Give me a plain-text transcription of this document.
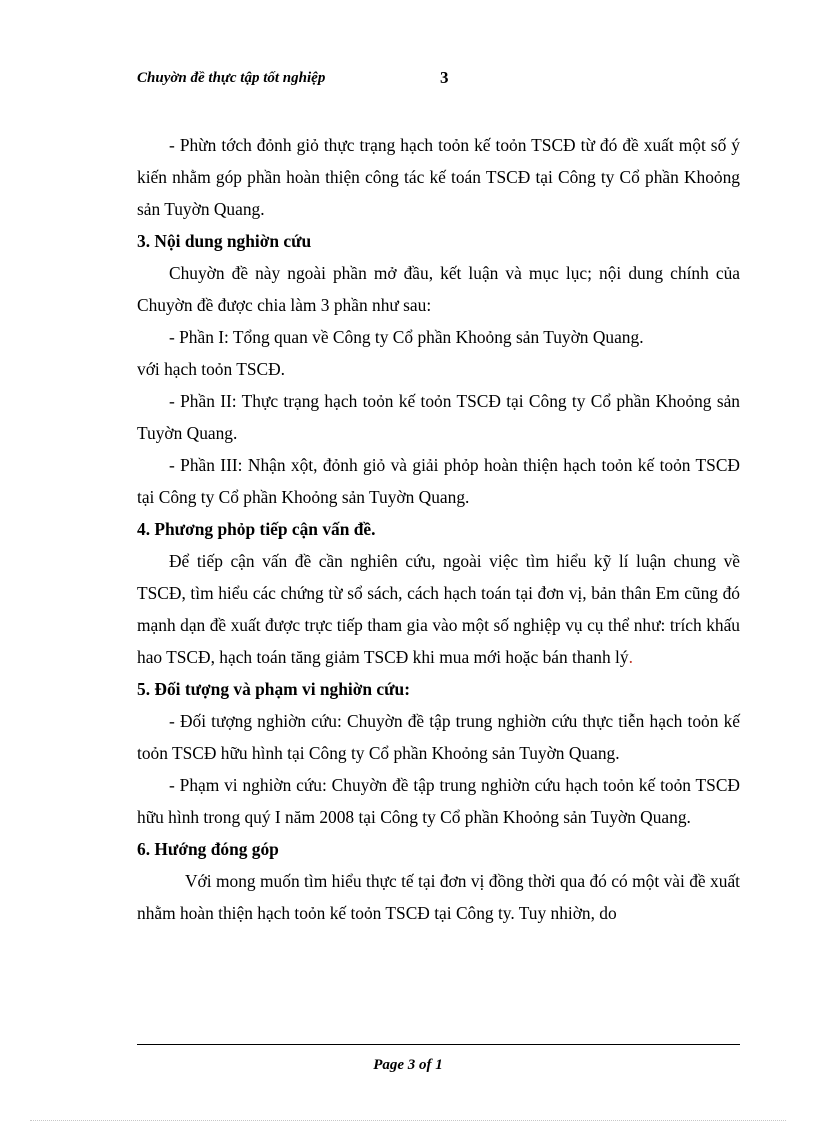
Chuyờn đề thực tập tốt nghiệp	3

- Phừn tớch đỏnh giỏ thực trạng hạch toỏn kế toỏn TSCĐ từ đó đề xuất một số ý kiến nhằm góp phần hoàn thiện công tác kế toán TSCĐ tại Công ty Cổ phần Khoỏng sản Tuyờn Quang.

3. Nội dung nghiờn cứu

Chuyờn đề này ngoài phần mở đầu, kết luận và mục lục; nội dung chính của Chuyờn đề được chia làm 3 phần như sau:

- Phần I: Tổng quan về Công ty Cổ phần Khoỏng sản Tuyờn Quang.

với hạch toỏn TSCĐ.

- Phần II: Thực trạng hạch toỏn kế toỏn TSCĐ tại Công ty Cổ phần Khoỏng sản Tuyờn Quang.

- Phần III: Nhận xột, đỏnh giỏ và giải phỏp hoàn thiện hạch toỏn kế toỏn TSCĐ tại Công ty Cổ phần Khoỏng sản Tuyờn Quang.

4. Phương phỏp tiếp cận vấn đề.

Để tiếp cận vấn đề cần nghiên cứu, ngoài việc tìm hiểu kỹ lí luận chung về TSCĐ, tìm hiểu các chứng từ sổ sách, cách hạch toán tại đơn vị, bản thân Em cũng đó mạnh dạn đề xuất được trực tiếp tham gia vào một số nghiệp vụ cụ thể như: trích khấu hao TSCĐ, hạch toán tăng giảm TSCĐ khi mua mới hoặc bán thanh lý.

5. Đối tượng và phạm vi nghiờn cứu:

- Đối tượng nghiờn cứu: Chuyờn đề tập trung nghiờn cứu thực tiễn hạch toỏn kế toỏn TSCĐ hữu hình tại Công ty Cổ phần Khoỏng sản Tuyờn Quang.

- Phạm vi nghiờn cứu: Chuyờn đề tập trung nghiờn cứu hạch toỏn kế toỏn TSCĐ hữu hình trong quý I năm 2008 tại Công ty Cổ phần Khoỏng sản Tuyờn Quang.

6. Hướng đóng góp

Với mong muốn tìm hiểu thực tế tại đơn vị đồng thời qua đó có một vài đề xuất nhằm hoàn thiện hạch toỏn kế toỏn TSCĐ tại Công ty. Tuy nhiờn, do

Page 3 of 1
